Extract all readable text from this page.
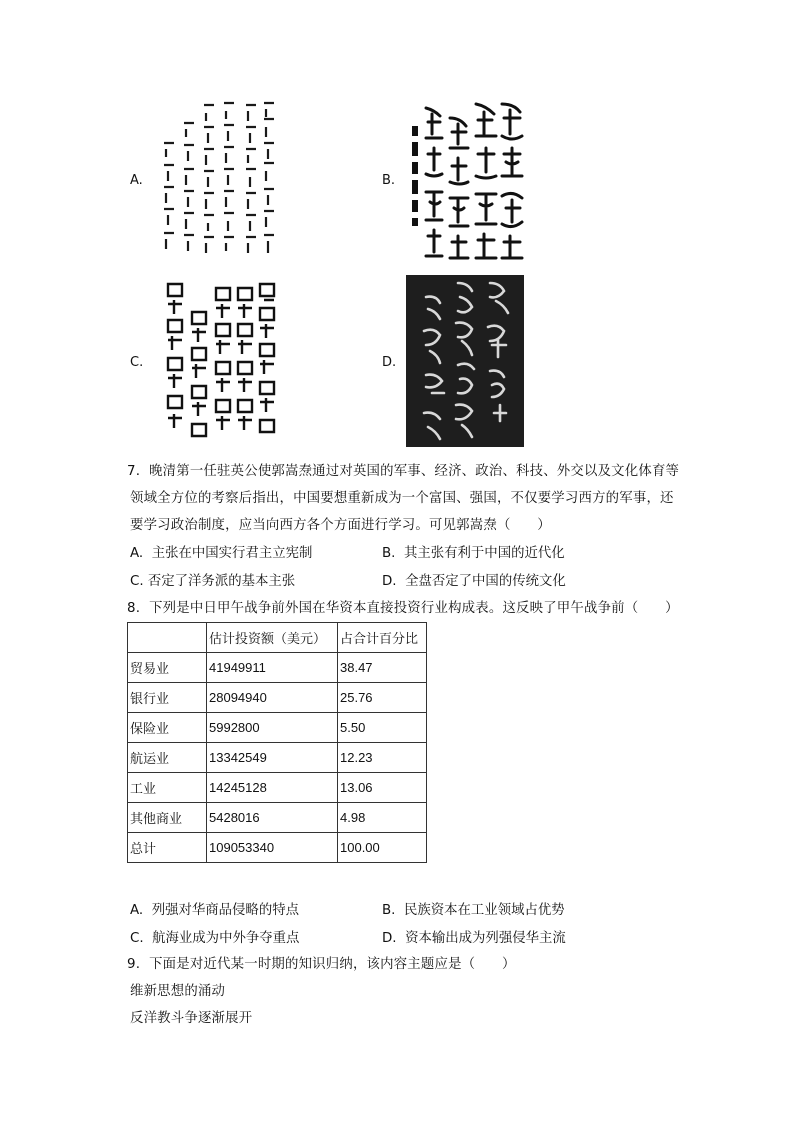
A.	B.
C.	D.
7.  晚清第一任驻英公使郭嵩焘通过对英国的军事、经济、政治、科技、外交以及文化体育等
领域全方位的考察后指出，中国要想重新成为一个富国、强国，不仅要学习西方的军事，还
要学习政治制度，应当向西方各个方面进行学习。可见郭嵩焘（      ）
A.  主张在中国实行君主立宪制	B.  其主张有利于中国的近代化
C. 否定了洋务派的基本主张	D.  全盘否定了中国的传统文化
8.  下列是中日甲午战争前外国在华资本直接投资行业构成表。这反映了甲午战争前（      ）
	估计投资额（美元）	占合计百分比
贸易业	41949911	38.47
银行业	28094940	25.76
保险业	5992800	5.50
航运业	13342549	12.23
工业	14245128	13.06
其他商业	5428016	4.98
总计	109053340	100.00
A.  列强对华商品侵略的特点	B.  民族资本在工业领域占优势
C.  航海业成为中外争夺重点	D.  资本输出成为列强侵华主流
9.  下面是对近代某一时期的知识归纳，该内容主题应是（      ）
维新思想的涌动
反洋教斗争逐渐展开
